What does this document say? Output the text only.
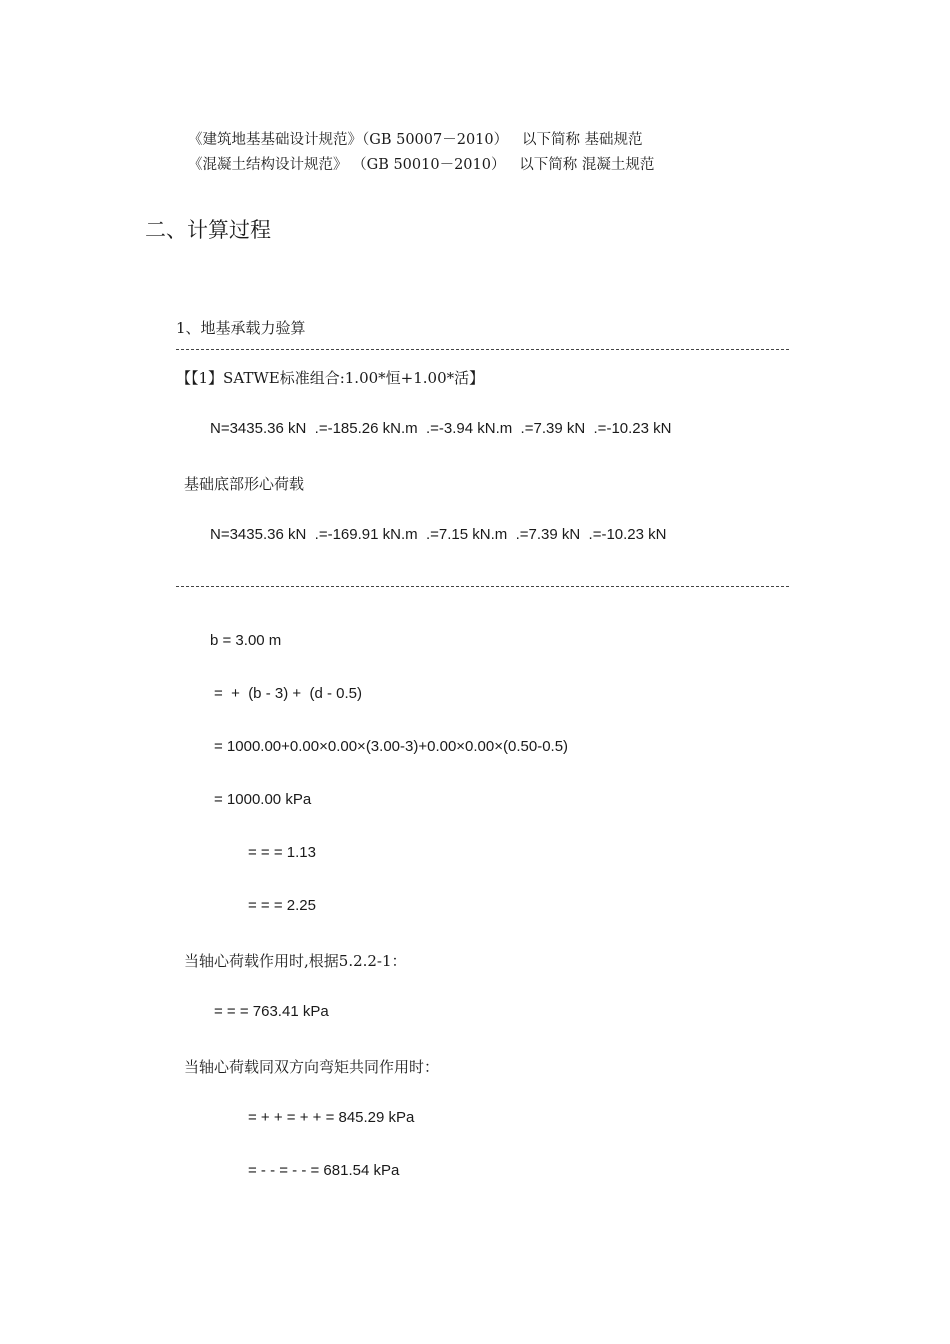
《建筑地基基础设计规范》（GB 50007－2010）   以下简称 基础规范
《混凝土结构设计规范》 （GB 50010－2010）   以下简称 混凝土规范
二、计算过程
1、地基承载力验算
【【1】SATWE标准组合:1.00*恒+1.00*活】
N=3435.36 kN  .=-185.26 kN.m  .=-3.94 kN.m  .=7.39 kN  .=-10.23 kN
基础底部形心荷载
N=3435.36 kN  .=-169.91 kN.m  .=7.15 kN.m  .=7.39 kN  .=-10.23 kN
b = 3.00 m
=  +  (b - 3) +  (d - 0.5)
= 1000.00+0.00×0.00×(3.00-3)+0.00×0.00×(0.50-0.5)
= 1000.00 kPa
= = = 1.13
= = = 2.25
当轴心荷载作用时,根据5.2.2-1：
= = = 763.41 kPa
当轴心荷载同双方向弯矩共同作用时：
= + + = + + = 845.29 kPa
= - - = - - = 681.54 kPa
